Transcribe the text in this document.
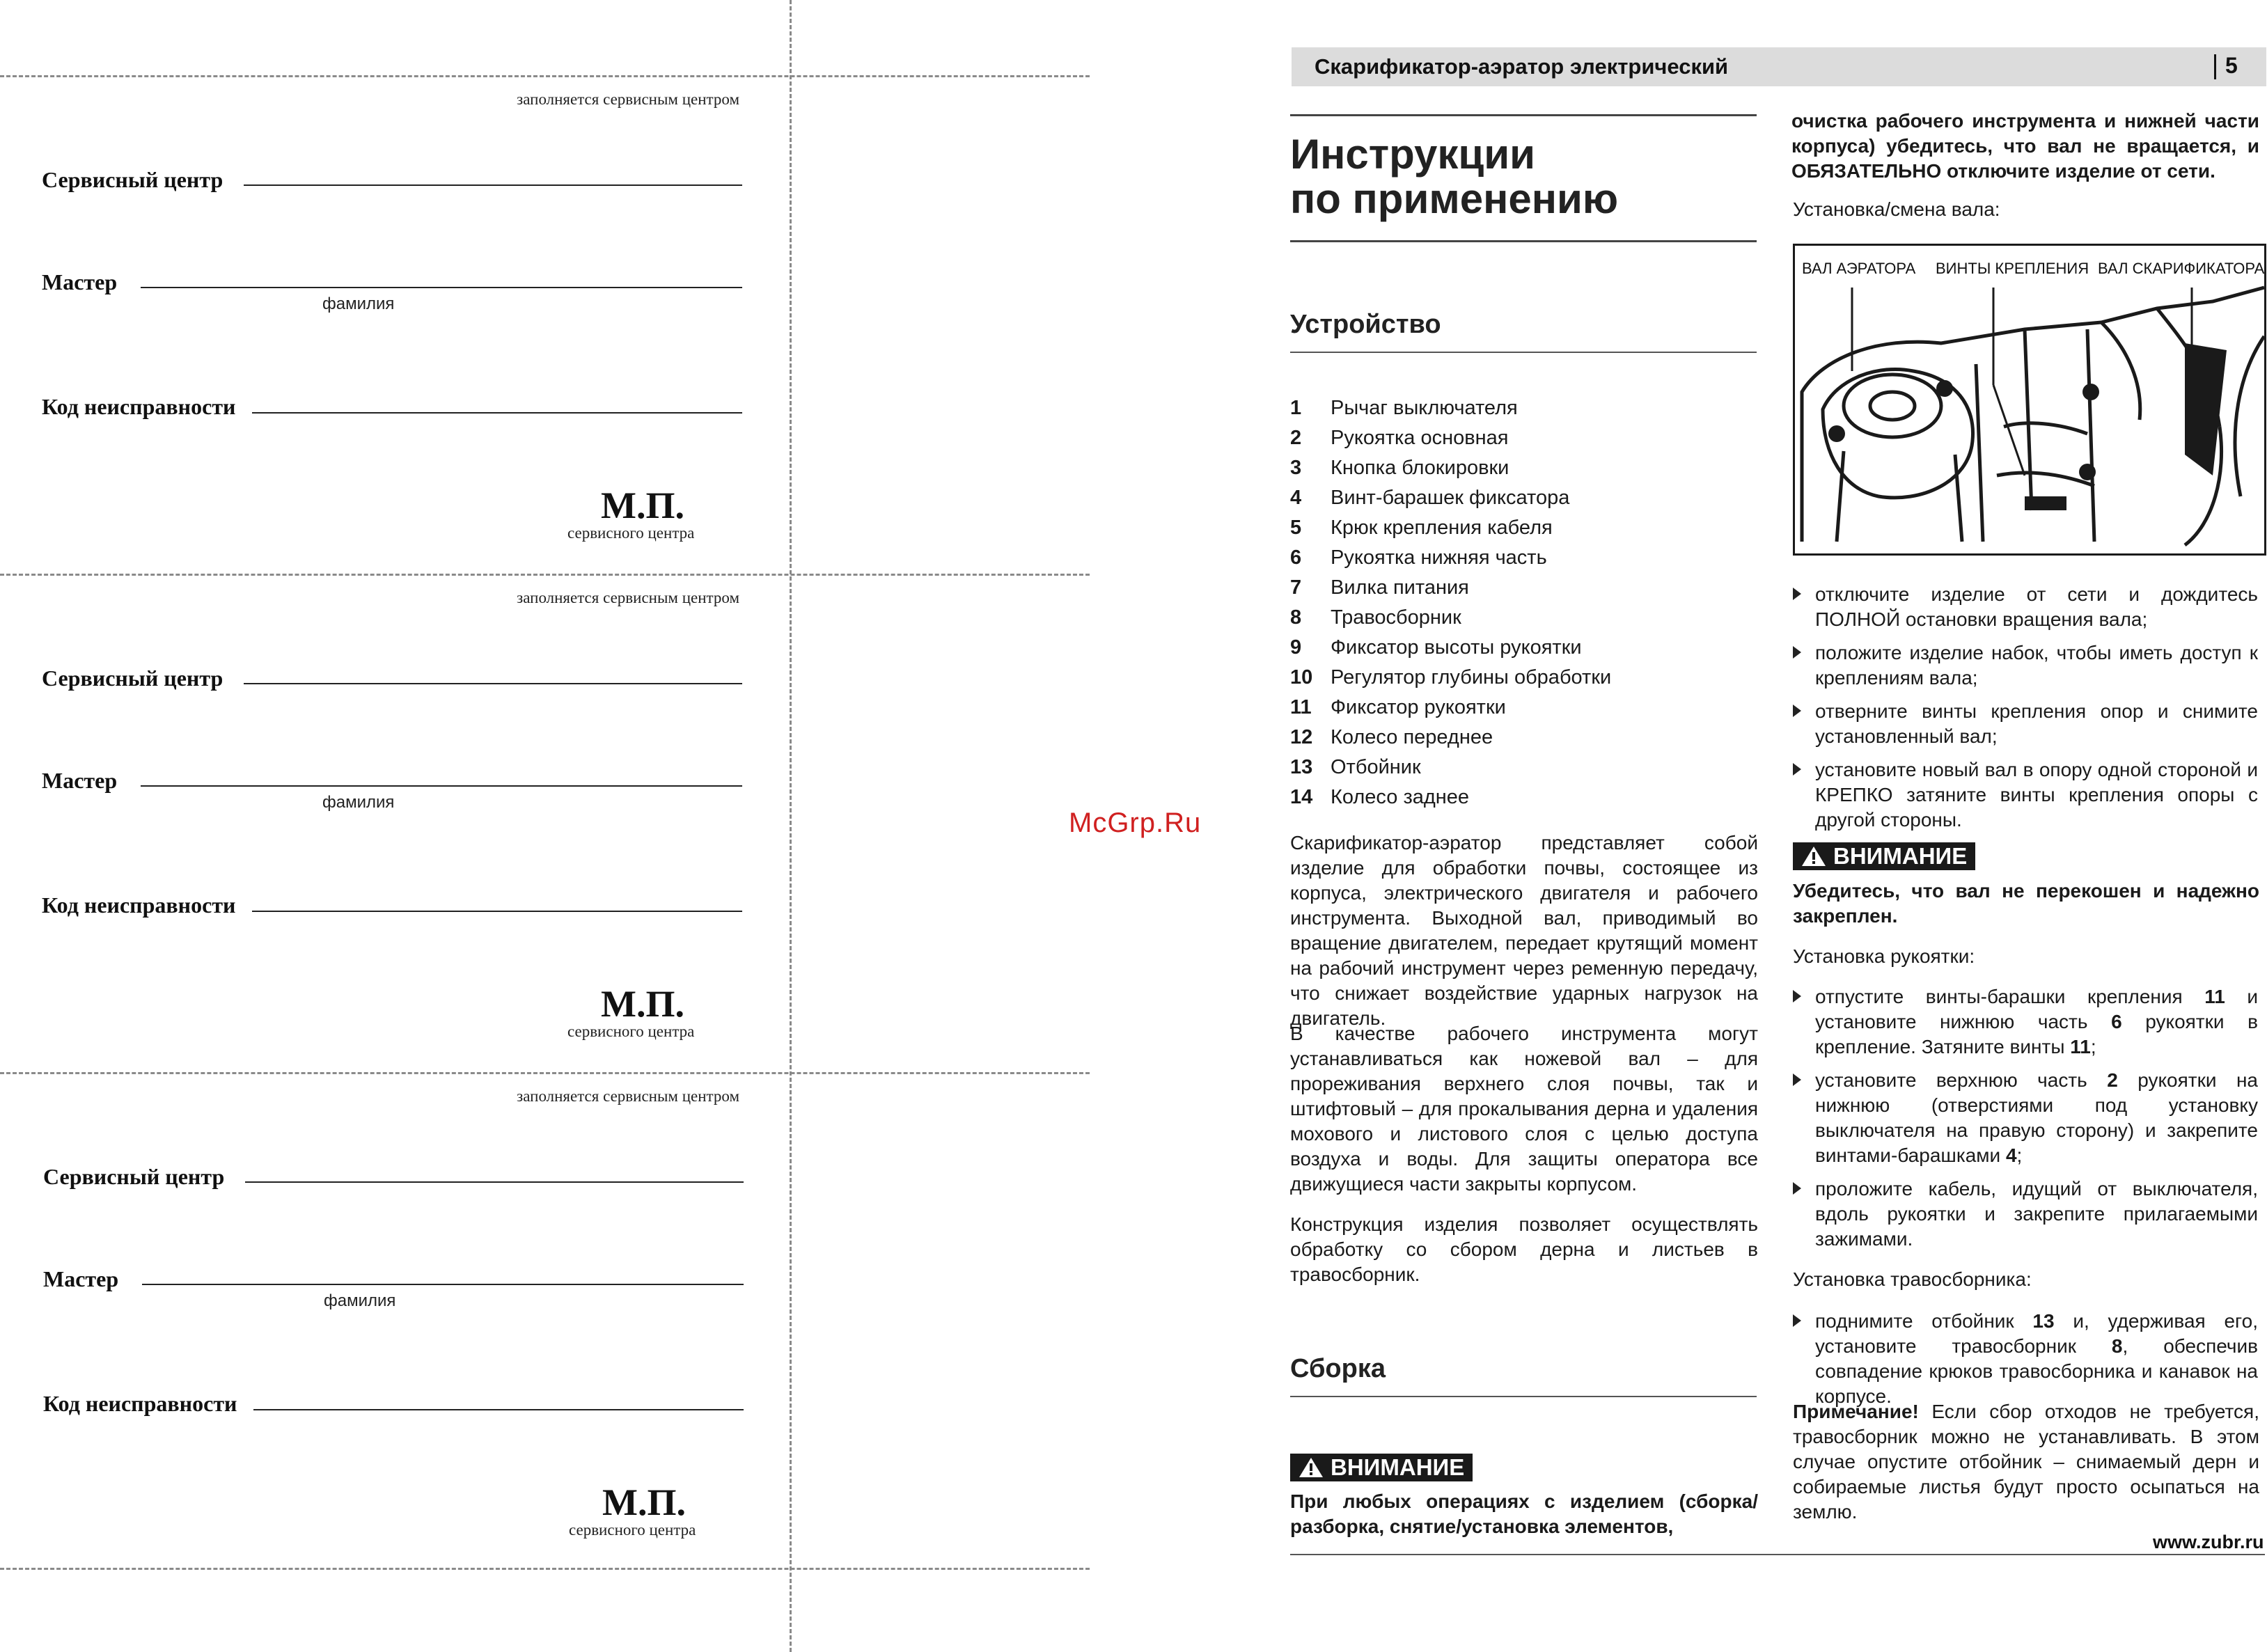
заполняется сервисным центром
Сервисный центр
Мастер
фамилия
Код неисправности
М.П.
сервисного центра
заполняется сервисным центром
Сервисный центр
Мастер
фамилия
Код неисправности
М.П.
сервисного центра
заполняется сервисным центром
Сервисный центр
Мастер
фамилия
Код неисправности
М.П.
сервисного центра
McGrp.Ru
Скарификатор-аэратор электрический	5
Инструкции
по применению
Устройство
1 Рычаг выключателя
2 Рукоятка основная
3 Кнопка блокировки
4 Винт-барашек фиксатора
5 Крюк крепления кабеля
6 Рукоятка нижняя часть
7 Вилка питания
8 Травосборник
9 Фиксатор высоты рукоятки
10 Регулятор глубины обработки
11 Фиксатор рукоятки
12 Колесо переднее
13 Отбойник
14 Колесо заднее
Скарификатор-аэратор представляет собой изделие для обработки почвы, состоящее из корпуса, электрического двигателя и рабочего инструмента. Выходной вал, приводимый во вращение двигателем, передает крутящий момент на рабочий инструмент через ременную передачу, что снижает воздействие ударных нагрузок на двигатель.
В качестве рабочего инструмента могут устанавливаться как ножевой вал – для прореживания верхнего слоя почвы, так и штифтовый – для прокалывания дерна и удаления мохового и листового слоя с целью доступа воздуха и воды. Для защиты оператора все движущиеся части закрыты корпусом.
Конструкция изделия позволяет осуществлять обработку со сбором дерна и листьев в травосборник.
Сборка
ВНИМАНИЕ
При любых операциях с изделием (сборка/разборка, снятие/установка элементов,
очистка рабочего инструмента и нижней части корпуса) убедитесь, что вал не вращается, и ОБЯЗАТЕЛЬНО отключите изделие от сети.
Установка/смена вала:
ВАЛ АЭРАТОРА ВИНТЫ КРЕПЛЕНИЯ ВАЛ СКАРИФИКАТОРА
отключите изделие от сети и дождитесь ПОЛНОЙ остановки вращения вала;
положите изделие набок, чтобы иметь доступ к креплениям вала;
отверните винты крепления опор и снимите установленный вал;
установите новый вал в опору одной стороной и КРЕПКО затяните винты крепления опоры с другой стороны.
ВНИМАНИЕ
Убедитесь, что вал не перекошен и надежно закреплен.
Установка рукоятки:
отпустите винты-барашки крепления 11 и установите нижнюю часть 6 рукоятки в крепление. Затяните винты 11;
установите верхнюю часть 2 рукоятки на нижнюю (отверстиями под установку выключателя на правую сторону) и закрепите винтами-барашками 4;
проложите кабель, идущий от выключателя, вдоль рукоятки и закрепите прилагаемыми зажимами.
Установка травосборника:
поднимите отбойник 13 и, удерживая его, установите травосборник 8, обеспечив совпадение крюков травосборника и канавок на корпусе.
Примечание! Если сбор отходов не требуется, травосборник можно не устанавливать. В этом случае опустите отбойник – снимаемый дерн и собираемые листья будут просто осыпаться на землю.
www.zubr.ru
